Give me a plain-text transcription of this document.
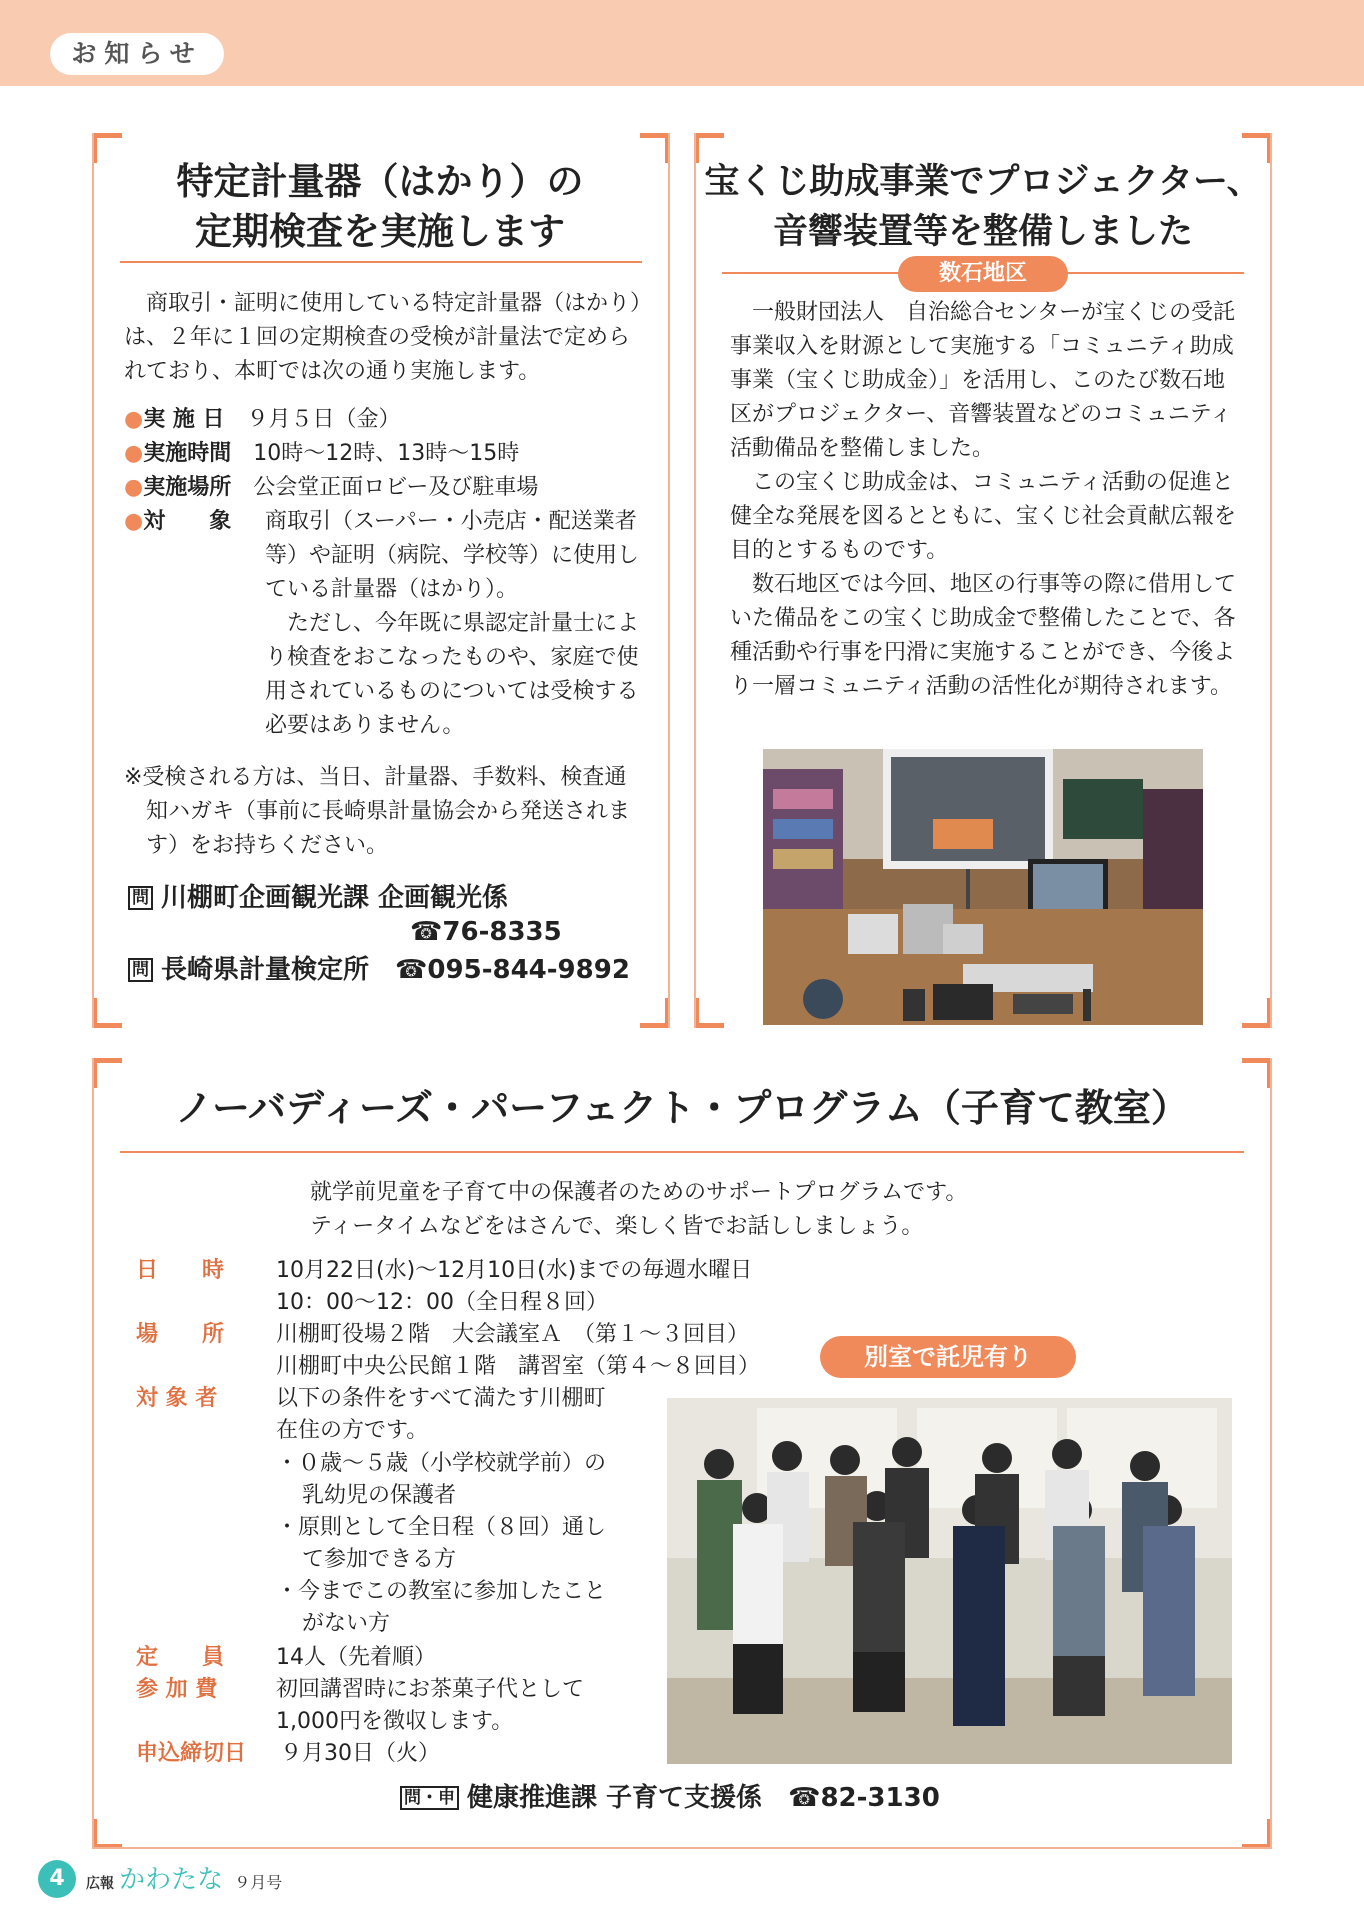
お知らせ
特定計量器（はかり）の
定期検査を実施します
商取引・証明に使用している特定計量器（はかり）は、２年に１回の定期検査の受検が計量法で定められており、本町では次の通り実施します。
●実 施 日　 ９月５日（金）
●実施時間　 10時〜12時、13時〜15時
●実施場所　 公会堂正面ロビー及び駐車場
●対　　象	商取引（スーパー・小売店・配送業者等）や証明（病院、学校等）に使用している計量器（はかり）。
ただし、今年既に県認定計量士により検査をおこなったものや、家庭で使用されているものについては受検する必要はありません。
※受検される方は、当日、計量器、手数料、検査通知ハガキ（事前に長崎県計量協会から発送されます）をお持ちください。
問 川棚町企画観光課 企画観光係
☎76-8335
問 長崎県計量検定所　 ☎095-844-9892
宝くじ助成事業でプロジェクター、
音響装置等を整備しました
数石地区
一般財団法人　自治総合センターが宝くじの受託事業収入を財源として実施する「コミュニティ助成事業（宝くじ助成金）」を活用し、このたび数石地区がプロジェクター、音響装置などのコミュニティ活動備品を整備しました。
この宝くじ助成金は、コミュニティ活動の促進と健全な発展を図るとともに、宝くじ社会貢献広報を目的とするものです。
数石地区では今回、地区の行事等の際に借用していた備品をこの宝くじ助成金で整備したことで、各種活動や行事を円滑に実施することができ、今後より一層コミュニティ活動の活性化が期待されます。
ノーバディーズ・パーフェクト・プログラム（子育て教室）
就学前児童を子育て中の保護者のためのサポートプログラムです。
ティータイムなどをはさんで、楽しく皆でお話ししましょう。
日　　時	10月22日(水)〜12月10日(水)までの毎週水曜日
10：00〜12：00（全日程８回）
場　　所	川棚町役場２階　大会議室Ａ　（第１〜３回目）
川棚町中央公民館１階　講習室（第４〜８回目）	別室で託児有り
対 象 者	以下の条件をすべて満たす川棚町
在住の方です。
・０歳〜５歳（小学校就学前）の
乳幼児の保護者
・原則として全日程（８回）通し
て参加できる方
・今までこの教室に参加したこと
がない方
定　　員	14人（先着順）
参 加 費	初回講習時にお茶菓子代として
1,000円を徴収します。
申込締切日	９月30日（火）
問・申 健康推進課 子育て支援係　 ☎82-3130
4	広報 かわたな ９月号
